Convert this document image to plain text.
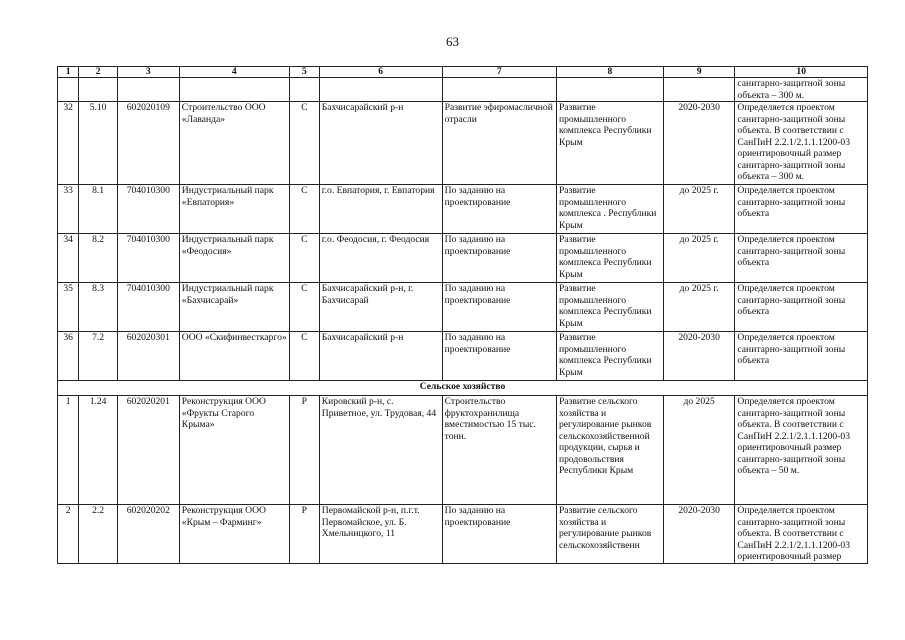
63
1	2	3	4	5	6	7	8	9	10
									санитарно-защитной зоны объекта – 300 м.
32	5.10	602020109	Строительство ООО «Лаванда»	С	Бахчисарайский р-н	Развитие эфиромасличной отрасли	Развитие промышленного комплекса Республики Крым	2020-2030	Определяется проектом санитарно-защитной зоны объекта. В соответствии с СанПиН 2.2.1/2.1.1.1200-03 ориентировочный размер санитарно-защитной зоны объекта – 300 м.
33	8.1	704010300	Индустриальный парк «Евпатория»	С	г.о. Евпатория, г. Евпатория	По заданию на проектирование	Развитие промышленного комплекса . Республики Крым	до 2025 г.	Определяется проектом санитарно-защитной зоны объекта
34	8.2	704010300	Индустриальный парк «Феодосия»	С	г.о. Феодосия, г. Феодосия	По заданию на проектирование	Развитие промышленного комплекса Республики Крым	до 2025 г.	Определяется проектом санитарно-защитной зоны объекта
35	8.3	704010300	Индустриальный парк «Бахчисарай»	С	Бахчисарайский р-н, г. Бахчисарай	По заданию на проектирование	Развитие промышленного комплекса Республики Крым	до 2025 г.	Определяется проектом санитарно-защитной зоны объекта
36	7.2	602020301	ООО «Скифинвесткарго»	С	Бахчисарайский р-н	По заданию на проектирование	Развитие промышленного комплекса Республики Крым	2020-2030	Определяется проектом санитарно-защитной зоны объекта
Сельское хозяйство									
1	1.24	602020201	Реконструкция ООО «Фрукты Старого Крыма»	Р	Кировский р-н, с. Приветное, ул. Трудовая, 44	Строительство фруктохранилища вместимостью 15 тыс. тонн.	Развитие сельского хозяйства и регулирование рынков сельскохозяйственной продукции, сырья и продовольствия Республики Крым	до 2025	Определяется проектом санитарно-защитной зоны объекта. В соответствии с СанПиН 2.2.1/2.1.1.1200-03 ориентировочный размер санитарно-защитной зоны объекта – 50 м.
2	2.2	602020202	Реконструкция ООО «Крым – Фарминг»	Р	Первомайской р-н, п.г.т. Первомайское, ул. Б. Хмельницкого, 11	По заданию на проектирование	Развитие сельского хозяйства и регулирование рынков сельскохозяйственн	2020-2030	Определяется проектом санитарно-защитной зоны объекта. В соответствии с СанПиН 2.2.1/2.1.1.1200-03 ориентировочный размер
